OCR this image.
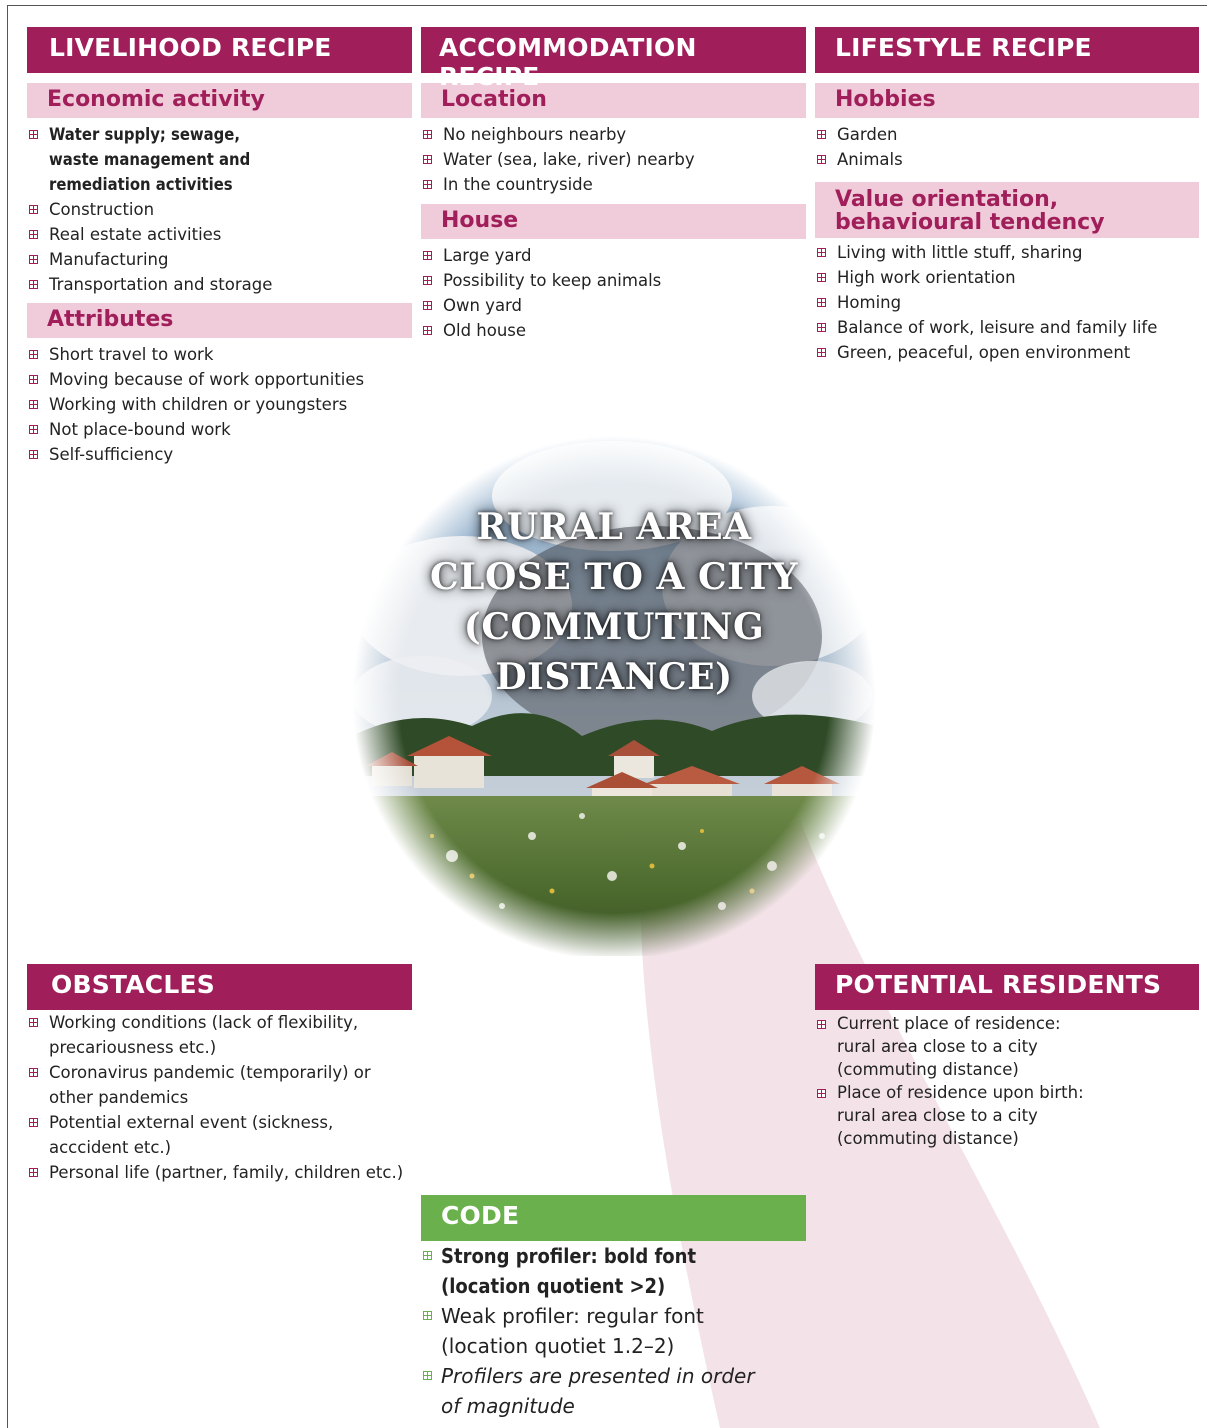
LIVELIHOOD RECIPE
Economic activity
Water supply; sewage,
waste management and
remediation activities
Construction
Real estate activities
Manufacturing
Transportation and storage
Attributes
Short travel to work
Moving because of work opportunities
Working with children or youngsters
Not place-bound work
Self-sufficiency
ACCOMMODATION RECIPE
Location
No neighbours nearby
Water (sea, lake, river) nearby
In the countryside
House
Large yard
Possibility to keep animals
Own yard
Old house
LIFESTYLE RECIPE
Hobbies
Garden
Animals
Value orientation,
behavioural tendency
Living with little stuff, sharing
High work orientation
Homing
Balance of work, leisure and family life
Green, peaceful, open environment
RURAL AREA
CLOSE TO A CITY
(COMMUTING
DISTANCE)
OBSTACLES
Working conditions (lack of flexibility,
precariousness etc.)
Coronavirus pandemic (temporarily) or
other pandemics
Potential external event (sickness,
acccident etc.)
Personal life (partner, family, children etc.)
POTENTIAL RESIDENTS
Current place of residence:
rural area close to a city
(commuting distance)
Place of residence upon birth:
rural area close to a city
(commuting distance)
CODE
Strong profiler: bold font
(location quotient >2)
Weak profiler: regular font
(location quotiet 1.2–2)
Profilers are presented in order
of magnitude
